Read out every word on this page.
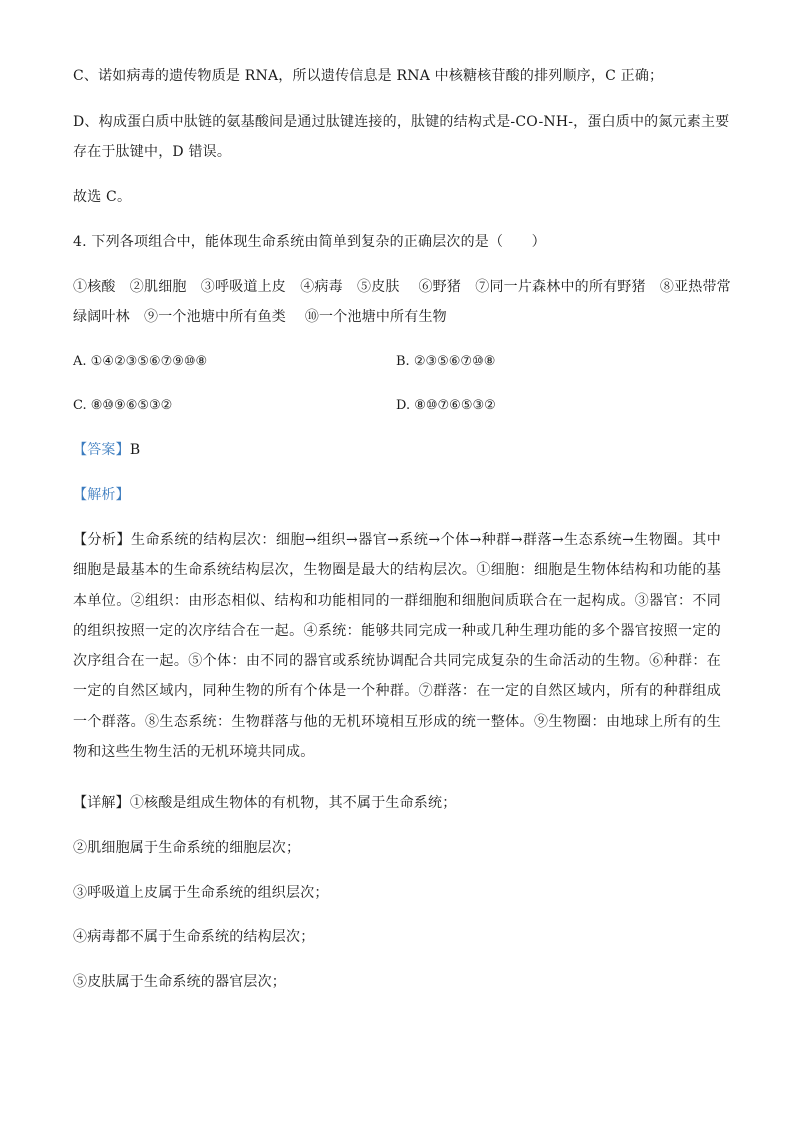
C、诺如病毒的遗传物质是 RNA，所以遗传信息是 RNA 中核糖核苷酸的排列顺序，C 正确；
D、构成蛋白质中肽链的氨基酸间是通过肽键连接的，肽键的结构式是-CO-NH-，蛋白质中的氮元素主要
存在于肽键中，D 错误。
故选 C。
4. 下列各项组合中，能体现生命系统由简单到复杂的正确层次的是（　　）
①核酸　②肌细胞　③呼吸道上皮　④病毒　⑤皮肤　 ⑥野猪　⑦同一片森林中的所有野猪　⑧亚热带常
绿阔叶林　⑨一个池塘中所有鱼类　 ⑩一个池塘中所有生物
A. ①④②③⑤⑥⑦⑨⑩⑧	B. ②③⑤⑥⑦⑩⑧
C. ⑧⑩⑨⑥⑤③②	D. ⑧⑩⑦⑥⑤③②
【答案】B
【解析】
【分析】生命系统的结构层次：细胞→组织→器官→系统→个体→种群→群落→生态系统→生物圈。其中细胞是最基本的生命系统结构层次，生物圈是最大的结构层次。①细胞：细胞是生物体结构和功能的基本单位。②组织：由形态相似、结构和功能相同的一群细胞和细胞间质联合在一起构成。③器官：不同的组织按照一定的次序结合在一起。④系统：能够共同完成一种或几种生理功能的多个器官按照一定的次序组合在一起。⑤个体：由不同的器官或系统协调配合共同完成复杂的生命活动的生物。⑥种群：在一定的自然区域内，同种生物的所有个体是一个种群。⑦群落：在一定的自然区域内，所有的种群组成一个群落。⑧生态系统：生物群落与他的无机环境相互形成的统一整体。⑨生物圈：由地球上所有的生物和这些生物生活的无机环境共同成。
【详解】①核酸是组成生物体的有机物，其不属于生命系统；
②肌细胞属于生命系统的细胞层次；
③呼吸道上皮属于生命系统的组织层次；
④病毒都不属于生命系统的结构层次；
⑤皮肤属于生命系统的器官层次；
